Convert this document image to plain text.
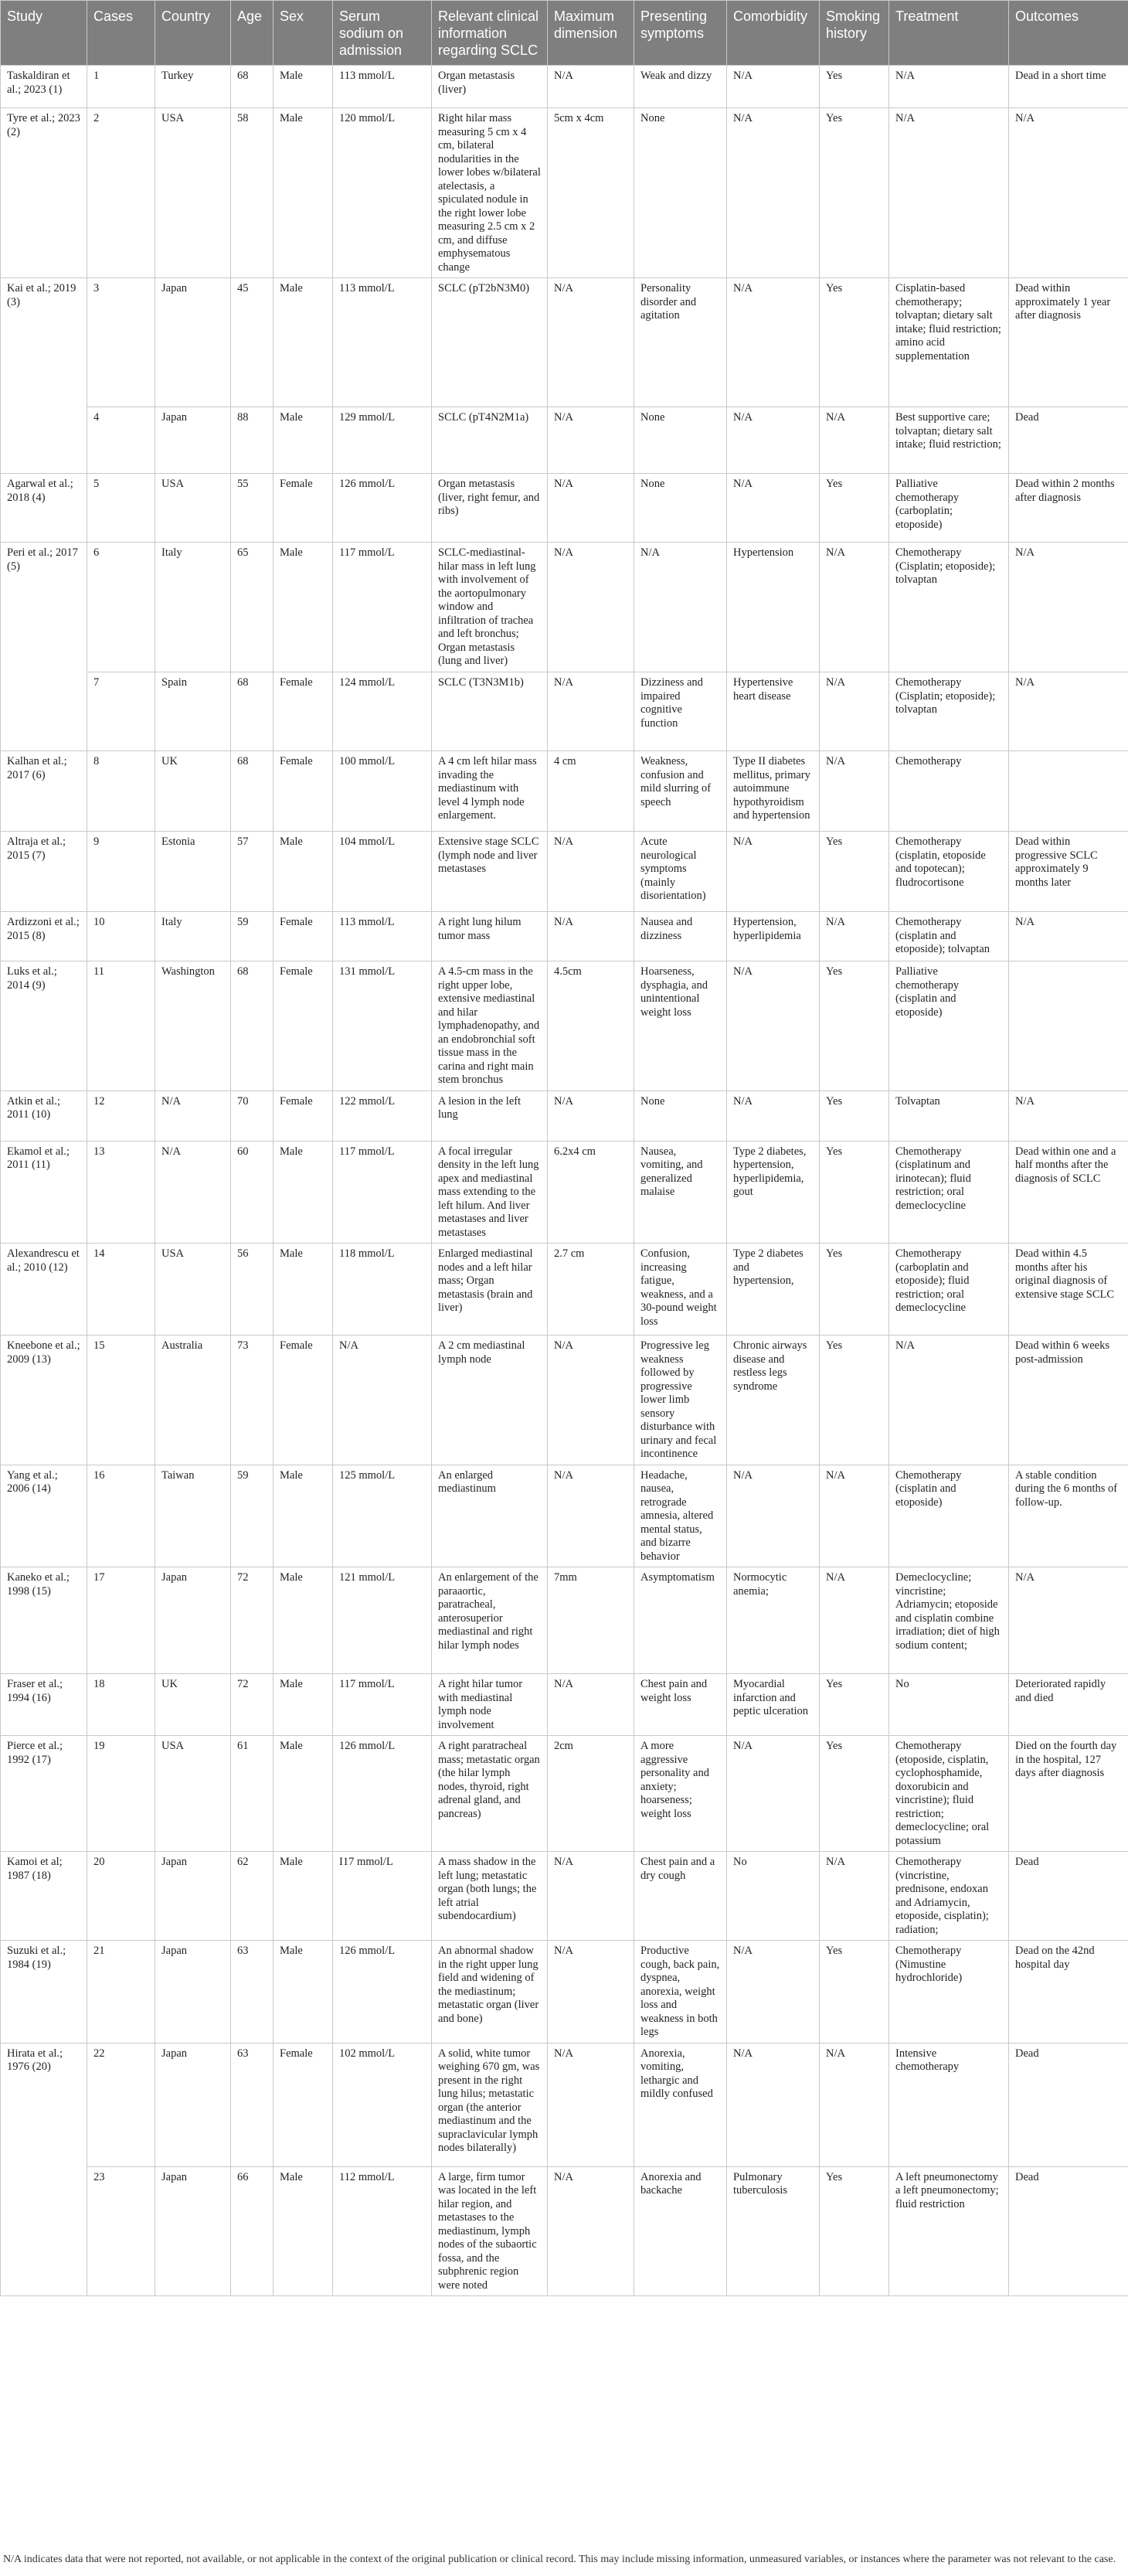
Study	Cases	Country	Age	Sex	Serum sodium on admission	Relevant clinical information regarding SCLC	Maximum dimension	Presenting symptoms	Comorbidity	Smoking history	Treatment	Outcomes
Taskaldiran et al.; 2023 (1)	1	Turkey	68	Male	113 mmol/L	Organ metastasis (liver)	N/A	Weak and dizzy	N/A	Yes	N/A	Dead in a short time
Tyre et al.; 2023 (2)	2	USA	58	Male	120 mmol/L	Right hilar mass measuring 5 cm x 4 cm, bilateral nodularities in the lower lobes w/bilateral atelectasis, a spiculated nodule in the right lower lobe measuring 2.5 cm x 2 cm, and diffuse emphysematous change	5cm x 4cm	None	N/A	Yes	N/A	N/A
Kai et al.; 2019 (3)	3	Japan	45	Male	113 mmol/L	SCLC (pT2bN3M0)	N/A	Personality disorder and agitation	N/A	Yes	Cisplatin-based chemotherapy; tolvaptan; dietary salt intake; fluid restriction; amino acid supplementation	Dead within approximately 1 year after diagnosis
	4	Japan	88	Male	129 mmol/L	SCLC (pT4N2M1a)	N/A	None	N/A	N/A	Best supportive care; tolvaptan; dietary salt intake; fluid restriction;	Dead
Agarwal et al.; 2018 (4)	5	USA	55	Female	126 mmol/L	Organ metastasis (liver, right femur, and ribs)	N/A	None	N/A	Yes	Palliative chemotherapy (carboplatin; etoposide)	Dead within 2 months after diagnosis
Peri et al.; 2017 (5)	6	Italy	65	Male	117 mmol/L	SCLC-mediastinal-hilar mass in left lung with involvement of the aortopulmonary window and infiltration of trachea and left bronchus; Organ metastasis (lung and liver)	N/A	N/A	Hypertension	N/A	Chemotherapy (Cisplatin; etoposide); tolvaptan	N/A
	7	Spain	68	Female	124 mmol/L	SCLC (T3N3M1b)	N/A	Dizziness and impaired cognitive function	Hypertensive heart disease	N/A	Chemotherapy (Cisplatin; etoposide); tolvaptan	N/A
Kalhan et al.; 2017 (6)	8	UK	68	Female	100 mmol/L	A 4 cm left hilar mass invading the mediastinum with level 4 lymph node enlargement.	4 cm	Weakness, confusion and mild slurring of speech	Type II diabetes mellitus, primary autoimmune hypothyroidism and hypertension	N/A	Chemotherapy	
Altraja et al.; 2015 (7)	9	Estonia	57	Male	104 mmol/L	Extensive stage SCLC (lymph node and liver metastases	N/A	Acute neurological symptoms (mainly disorientation)	N/A	Yes	Chemotherapy (cisplatin, etoposide and topotecan); fludrocortisone	Dead within progressive SCLC approximately 9 months later
Ardizzoni et al.; 2015 (8)	10	Italy	59	Female	113 mmol/L	A right lung hilum tumor mass	N/A	Nausea and dizziness	Hypertension, hyperlipidemia	N/A	Chemotherapy (cisplatin and etoposide); tolvaptan	N/A
Luks et al.; 2014 (9)	11	Washington	68	Female	131 mmol/L	A 4.5-cm mass in the right upper lobe, extensive mediastinal and hilar lymphadenopathy, and an endobronchial soft tissue mass in the carina and right main stem bronchus	4.5cm	Hoarseness, dysphagia, and unintentional weight loss	N/A	Yes	Palliative chemotherapy (cisplatin and etoposide)	
Atkin et al.; 2011 (10)	12	N/A	70	Female	122 mmol/L	A lesion in the left lung	N/A	None	N/A	Yes	Tolvaptan	N/A
Ekamol et al.; 2011 (11)	13	N/A	60	Male	117 mmol/L	A focal irregular density in the left lung apex and mediastinal mass extending to the left hilum. And liver metastases and liver metastases	6.2x4 cm	Nausea, vomiting, and generalized malaise	Type 2 diabetes, hypertension, hyperlipidemia, gout	Yes	Chemotherapy (cisplatinum and irinotecan); fluid restriction; oral demeclocycline	Dead within one and a half months after the diagnosis of SCLC
Alexandrescu et al.; 2010 (12)	14	USA	56	Male	118 mmol/L	Enlarged mediastinal nodes and a left hilar mass; Organ metastasis (brain and liver)	2.7 cm	Confusion, increasing fatigue, weakness, and a 30-pound weight loss	Type 2 diabetes and hypertension,	Yes	Chemotherapy (carboplatin and etoposide); fluid restriction; oral demeclocycline	Dead within 4.5 months after his original diagnosis of extensive stage SCLC
Kneebone et al.; 2009 (13)	15	Australia	73	Female	N/A	A 2 cm mediastinal lymph node	N/A	Progressive leg weakness followed by progressive lower limb sensory disturbance with urinary and fecal incontinence	Chronic airways disease and restless legs syndrome	Yes	N/A	Dead within 6 weeks post-admission
Yang et al.; 2006 (14)	16	Taiwan	59	Male	125 mmol/L	An enlarged mediastinum	N/A	Headache, nausea, retrograde amnesia, altered mental status, and bizarre behavior	N/A	N/A	Chemotherapy (cisplatin and etoposide)	A stable condition during the 6 months of follow-up.
Kaneko et al.; 1998 (15)	17	Japan	72	Male	121 mmol/L	An enlargement of the paraaortic, paratracheal, anterosuperior mediastinal and right hilar lymph nodes	7mm	Asymptomatism	Normocytic anemia;	N/A	Demeclocycline; vincristine; Adriamycin; etoposide and cisplatin combine irradiation; diet of high sodium content;	N/A
Fraser et al.; 1994 (16)	18	UK	72	Male	117 mmol/L	A right hilar tumor with mediastinal lymph node involvement	N/A	Chest pain and weight loss	Myocardial infarction and peptic ulceration	Yes	No	Deteriorated rapidly and died
Pierce et al.; 1992 (17)	19	USA	61	Male	126 mmol/L	A right paratracheal mass; metastatic organ (the hilar lymph nodes, thyroid, right adrenal gland, and pancreas)	2cm	A more aggressive personality and anxiety; hoarseness; weight loss	N/A	Yes	Chemotherapy (etoposide, cisplatin, cyclophosphamide, doxorubicin and vincristine); fluid restriction; demeclocycline; oral potassium	Died on the fourth day in the hospital, 127 days after diagnosis
Kamoi et al; 1987 (18)	20	Japan	62	Male	I17 mmol/L	A mass shadow in the left lung; metastatic organ (both lungs; the left atrial subendocardium)	N/A	Chest pain and a dry cough	No	N/A	Chemotherapy (vincristine, prednisone, endoxan and Adriamycin, etoposide, cisplatin); radiation;	Dead
Suzuki et al.; 1984 (19)	21	Japan	63	Male	126 mmol/L	An abnormal shadow in the right upper lung field and widening of the mediastinum; metastatic organ (liver and bone)	N/A	Productive cough, back pain, dyspnea, anorexia, weight loss and weakness in both legs	N/A	Yes	Chemotherapy (Nimustine hydrochloride)	Dead on the 42nd hospital day
Hirata et al.; 1976 (20)	22	Japan	63	Female	102 mmol/L	A solid, white tumor weighing 670 gm, was present in the right lung hilus; metastatic organ (the anterior mediastinum and the supraclavicular lymph nodes bilaterally)	N/A	Anorexia, vomiting, lethargic and mildly confused	N/A	N/A	Intensive chemotherapy	Dead
	23	Japan	66	Male	112 mmol/L	A large, firm tumor was located in the left hilar region, and metastases to the mediastinum, lymph nodes of the subaortic fossa, and the subphrenic region were noted	N/A	Anorexia and backache	Pulmonary tuberculosis	Yes	A left pneumonectomy a left pneumonectomy; fluid restriction	Dead
N/A indicates data that were not reported, not available, or not applicable in the context of the original publication or clinical record. This may include missing information, unmeasured variables, or instances where the parameter was not relevant to the case.
